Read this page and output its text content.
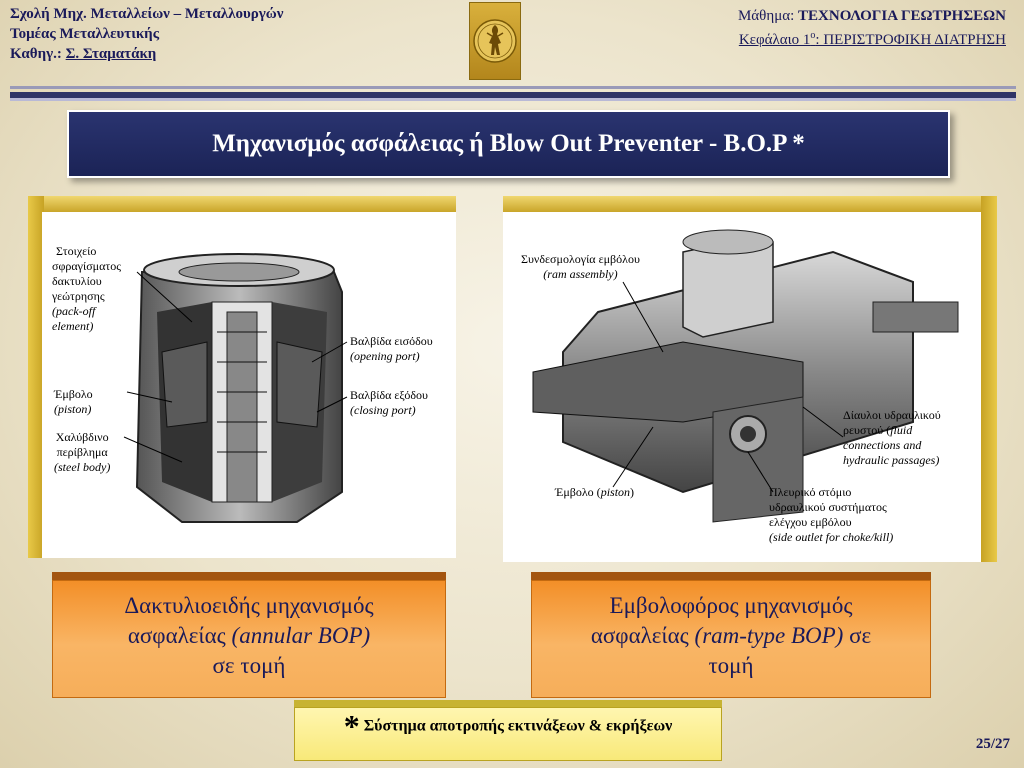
Σχολή Μηχ. Μεταλλείων – Μεταλλουργών
Τομέας Μεταλλευτικής
Καθηγ.: Σ. Σταματάκη
Μάθημα: ΤΕΧΝΟΛΟΓΙΑ ΓΕΩΤΡΗΣΕΩΝ
Κεφάλαιο $1^o$: ΠΕΡΙΣΤΡΟΦΙΚΗ ΔΙΑΤΡΗΣΗ
Μηχανισμός ασφάλειας ή Blow Out Preventer - B.O.P *
Στοιχείο
σφραγίσματος
δακτυλίου
γεώτρησης
(pack-off
element)
Έμβολο
(piston)
Χαλύβδινο
περίβλημα
(steel body)
Βαλβίδα εισόδου
(opening port)
Βαλβίδα εξόδου
(closing port)
Συνδεσμολογία εμβόλου
(ram assembly)
Δίαυλοι υδραυλικού
ρευστού (fluid
connections and
hydraulic passages)
Έμβολο (piston)	Πλευρικό στόμιο
υδραυλικού συστήματος
ελέγχου εμβόλου
(side outlet for choke/kill)
Δακτυλιοειδής μηχανισμός
ασφαλείας (annular BOP)
σε τομή
Εμβολοφόρος μηχανισμός
ασφαλείας (ram-type BOP) σε
τομή
* Σύστημα αποτροπής εκτινάξεων & εκρήξεων
25/27
